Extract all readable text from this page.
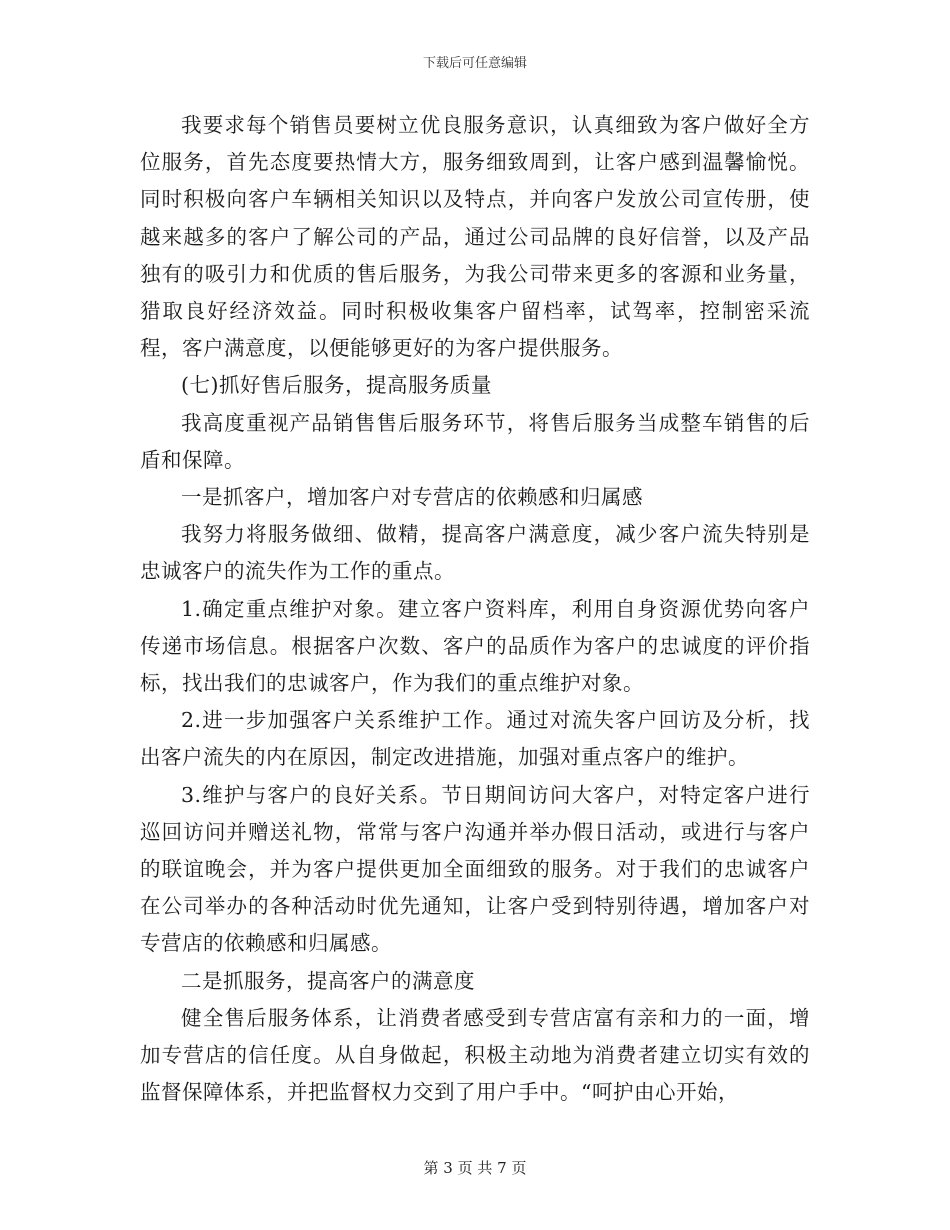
下载后可任意编辑

我要求每个销售员要树立优良服务意识，认真细致为客户做好全方位服务，首先态度要热情大方，服务细致周到，让客户感到温馨愉悦。同时积极向客户车辆相关知识以及特点，并向客户发放公司宣传册，使越来越多的客户了解公司的产品，通过公司品牌的良好信誉，以及产品独有的吸引力和优质的售后服务，为我公司带来更多的客源和业务量，猎取良好经济效益。同时积极收集客户留档率，试驾率，控制密采流程，客户满意度，以便能够更好的为客户提供服务。

(七)抓好售后服务，提高服务质量

我高度重视产品销售售后服务环节，将售后服务当成整车销售的后盾和保障。

一是抓客户，增加客户对专营店的依赖感和归属感

我努力将服务做细、做精，提高客户满意度，减少客户流失特别是忠诚客户的流失作为工作的重点。

1.确定重点维护对象。建立客户资料库，利用自身资源优势向客户传递市场信息。根据客户次数、客户的品质作为客户的忠诚度的评价指标，找出我们的忠诚客户，作为我们的重点维护对象。

2.进一步加强客户关系维护工作。通过对流失客户回访及分析，找出客户流失的内在原因，制定改进措施，加强对重点客户的维护。

3.维护与客户的良好关系。节日期间访问大客户，对特定客户进行巡回访问并赠送礼物，常常与客户沟通并举办假日活动，或进行与客户的联谊晚会，并为客户提供更加全面细致的服务。对于我们的忠诚客户在公司举办的各种活动时优先通知，让客户受到特别待遇，增加客户对专营店的依赖感和归属感。

二是抓服务，提高客户的满意度

健全售后服务体系，让消费者感受到专营店富有亲和力的一面，增加专营店的信任度。从自身做起，积极主动地为消费者建立切实有效的监督保障体系，并把监督权力交到了用户手中。“呵护由心开始，

第 3 页 共 7 页
